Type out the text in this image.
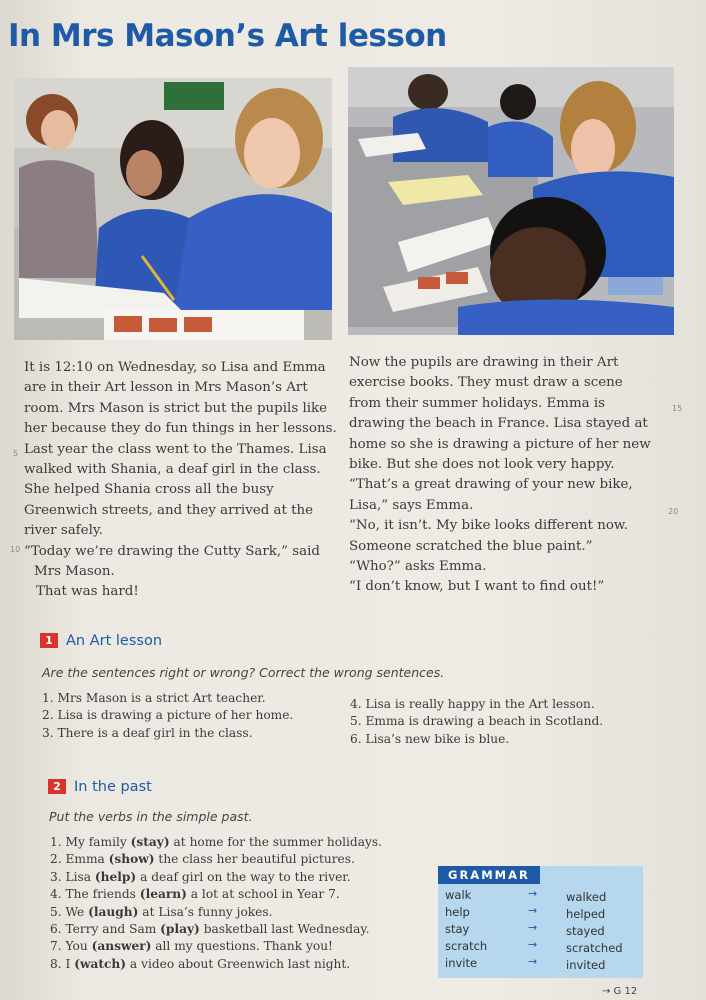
In Mrs Mason’s Art lesson

It is 12:10 on Wednesday, so Lisa and Emma

are in their Art lesson in Mrs Mason’s Art

room. Mrs Mason is strict but the pupils like

her because they do fun things in her lessons.

Last year the class went to the Thames. Lisa

walked with Shania, a deaf girl in the class.

She helped Shania cross all the busy

Greenwich streets, and they arrived at the

river safely.

“Today we’re drawing the Cutty Sark,” said

Mrs Mason.

That was hard!

5
10

Now the pupils are drawing in their Art

exercise books. They must draw a scene

from their summer holidays. Emma is

drawing the beach in France. Lisa stayed at

home so she is drawing a picture of her new

bike. But she does not look very happy.

“That’s a great drawing of your new bike,

Lisa,” says Emma.

“No, it isn’t. My bike looks different now.

Someone scratched the blue paint.”

“Who?” asks Emma.

“I don’t know, but I want to find out!”

15
20
1 An Art lesson
Are the sentences right or wrong? Correct the wrong sentences.
1. Mrs Mason is a strict Art teacher.
2. Lisa is drawing a picture of her home.
3. There is a deaf girl in the class.
4. Lisa is really happy in the Art lesson.
5. Emma is drawing a beach in Scotland.
6. Lisa’s new bike is blue.
2 In the past
Put the verbs in the simple past.
1. My family (stay) at home for the summer holidays.
2. Emma (show) the class her beautiful pictures.
3. Lisa (help) a deaf girl on the way to the river.
4. The friends (learn) a lot at school in Year 7.
5. We (laugh) at Lisa’s funny jokes.
6. Terry and Sam (play) basketball last Wednesday.
7. You (answer) all my questions. Thank you!
8. I (watch) a video about Greenwich last night.
GRAMMAR
walk	→	walked
help	→	helped
stay	→	stayed
scratch	→	scratched
invite	→	invited
→ G 12
